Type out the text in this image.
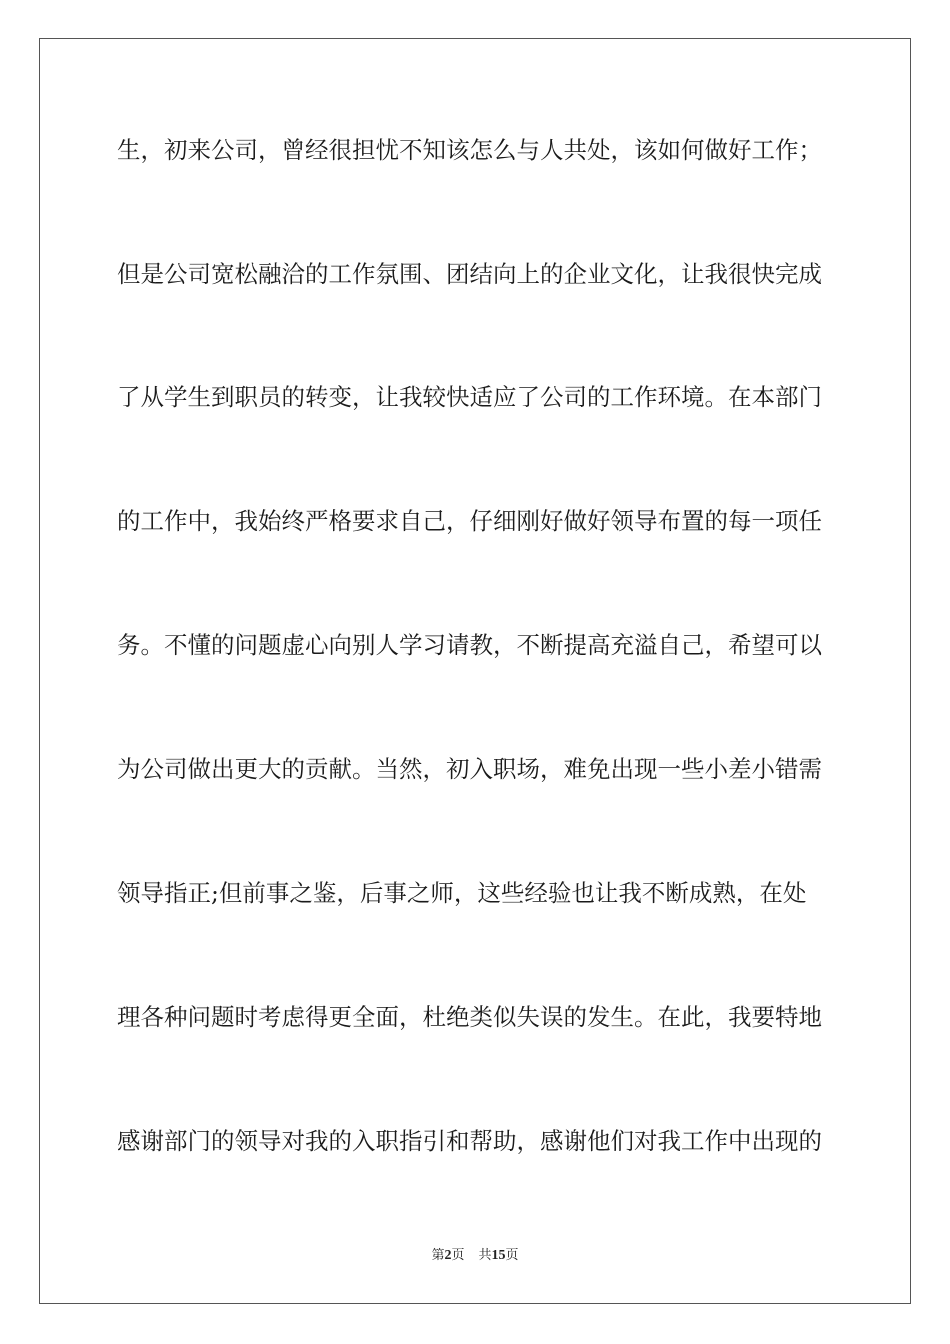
生，初来公司，曾经很担忧不知该怎么与人共处，该如何做好工作；
但是公司宽松融洽的工作氛围、团结向上的企业文化，让我很快完成
了从学生到职员的转变，让我较快适应了公司的工作环境。在本部门
的工作中，我始终严格要求自己，仔细刚好做好领导布置的每一项任
务。不懂的问题虚心向别人学习请教，不断提高充溢自己，希望可以
为公司做出更大的贡献。当然，初入职场，难免出现一些小差小错需
领导指正;但前事之鉴，后事之师，这些经验也让我不断成熟，在处
理各种问题时考虑得更全面，杜绝类似失误的发生。在此，我要特地
感谢部门的领导对我的入职指引和帮助，感谢他们对我工作中出现的
第2页 共15页
